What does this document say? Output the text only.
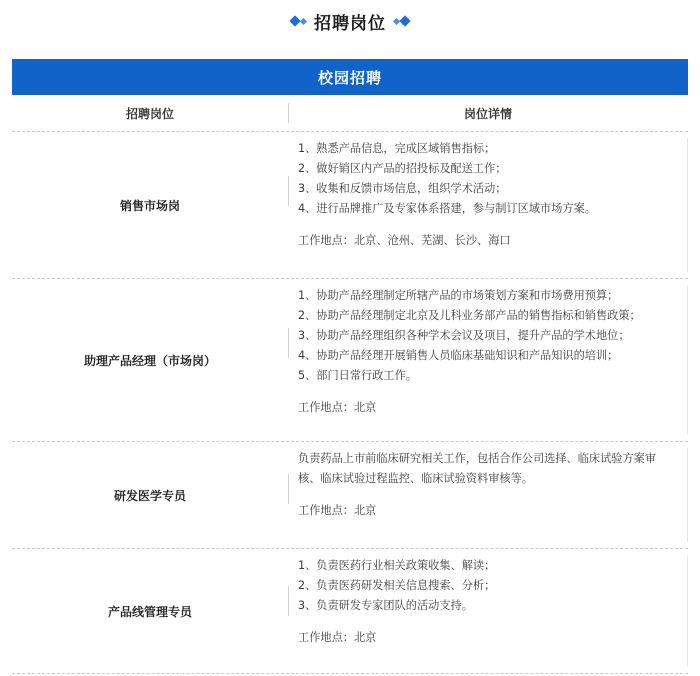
招聘岗位
校园招聘
招聘岗位	岗位详情
销售市场岗
1、熟悉产品信息，完成区域销售指标；
2、做好销区内产品的招投标及配送工作；
3、收集和反馈市场信息，组织学术活动；
4、进行品牌推广及专家体系搭建，参与制订区域市场方案。
工作地点：北京、沧州、芜湖、长沙、海口
助理产品经理（市场岗）
1、协助产品经理制定所辖产品的市场策划方案和市场费用预算；
2、协助产品经理制定北京及儿科业务部产品的销售指标和销售政策；
3、协助产品经理组织各种学术会议及项目，提升产品的学术地位；
4、协助产品经理开展销售人员临床基础知识和产品知识的培训；
5、部门日常行政工作。
工作地点：北京
研发医学专员
负责药品上市前临床研究相关工作，包括合作公司选择、临床试验方案审核、临床试验过程监控、临床试验资料审核等。
工作地点：北京
产品线管理专员
1、负责医药行业相关政策收集、解读；
2、负责医药研发相关信息搜索、分析；
3、负责研发专家团队的活动支持。
工作地点：北京
